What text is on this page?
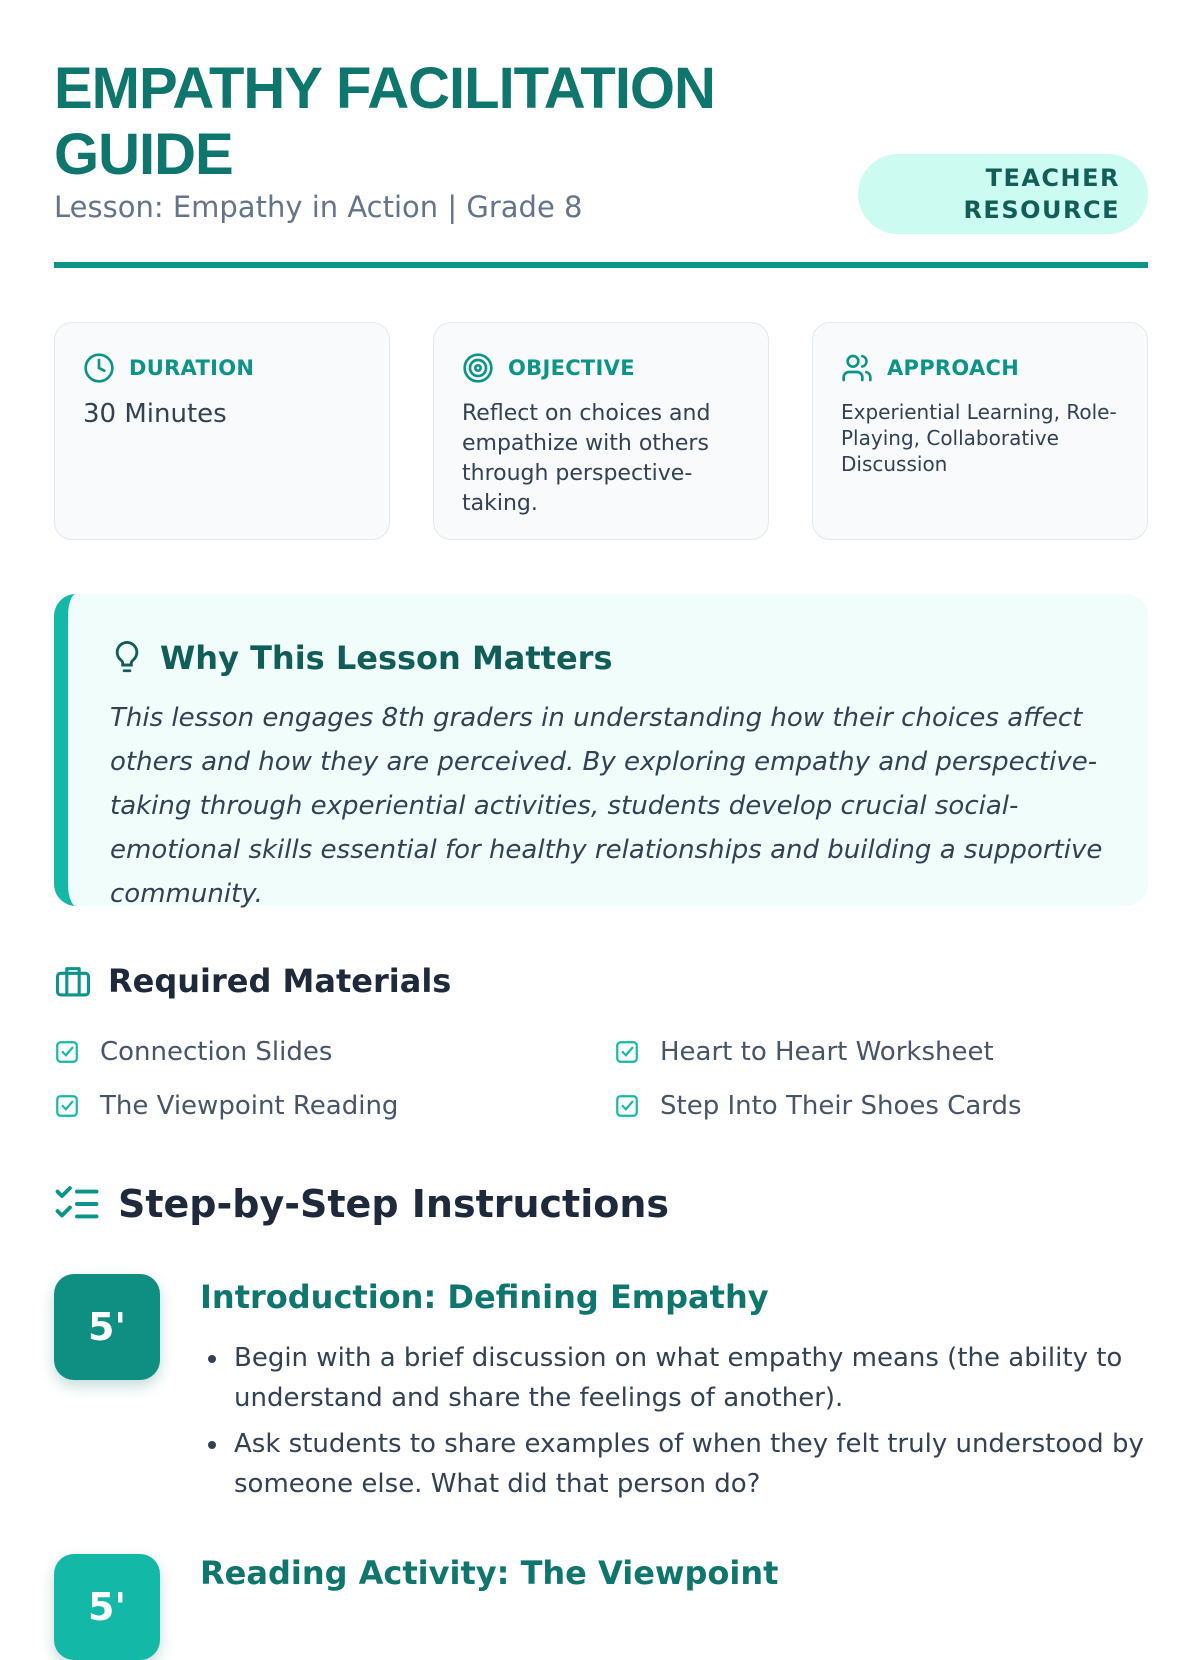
EMPATHY FACILITATION GUIDE
Lesson: Empathy in Action | Grade 8
TEACHER
RESOURCE
DURATION
30 Minutes
OBJECTIVE
Reflect on choices and empathize with others through perspective-taking.
APPROACH
Experiential Learning, Role-Playing, Collaborative Discussion
Why This Lesson Matters

This lesson engages 8th graders in understanding how their choices affect others and how they are perceived. By exploring empathy and perspective-taking through experiential activities, students develop crucial social-emotional skills essential for healthy relationships and building a supportive community.

Required Materials
Connection Slides	Heart to Heart Worksheet
The Viewpoint Reading	Step Into Their Shoes Cards
Step-by-Step Instructions
5'
Introduction: Defining Empathy
Begin with a brief discussion on what empathy means (the ability to understand and share the feelings of another).
Ask students to share examples of when they felt truly understood by someone else. What did that person do?
5'
Reading Activity: The Viewpoint
